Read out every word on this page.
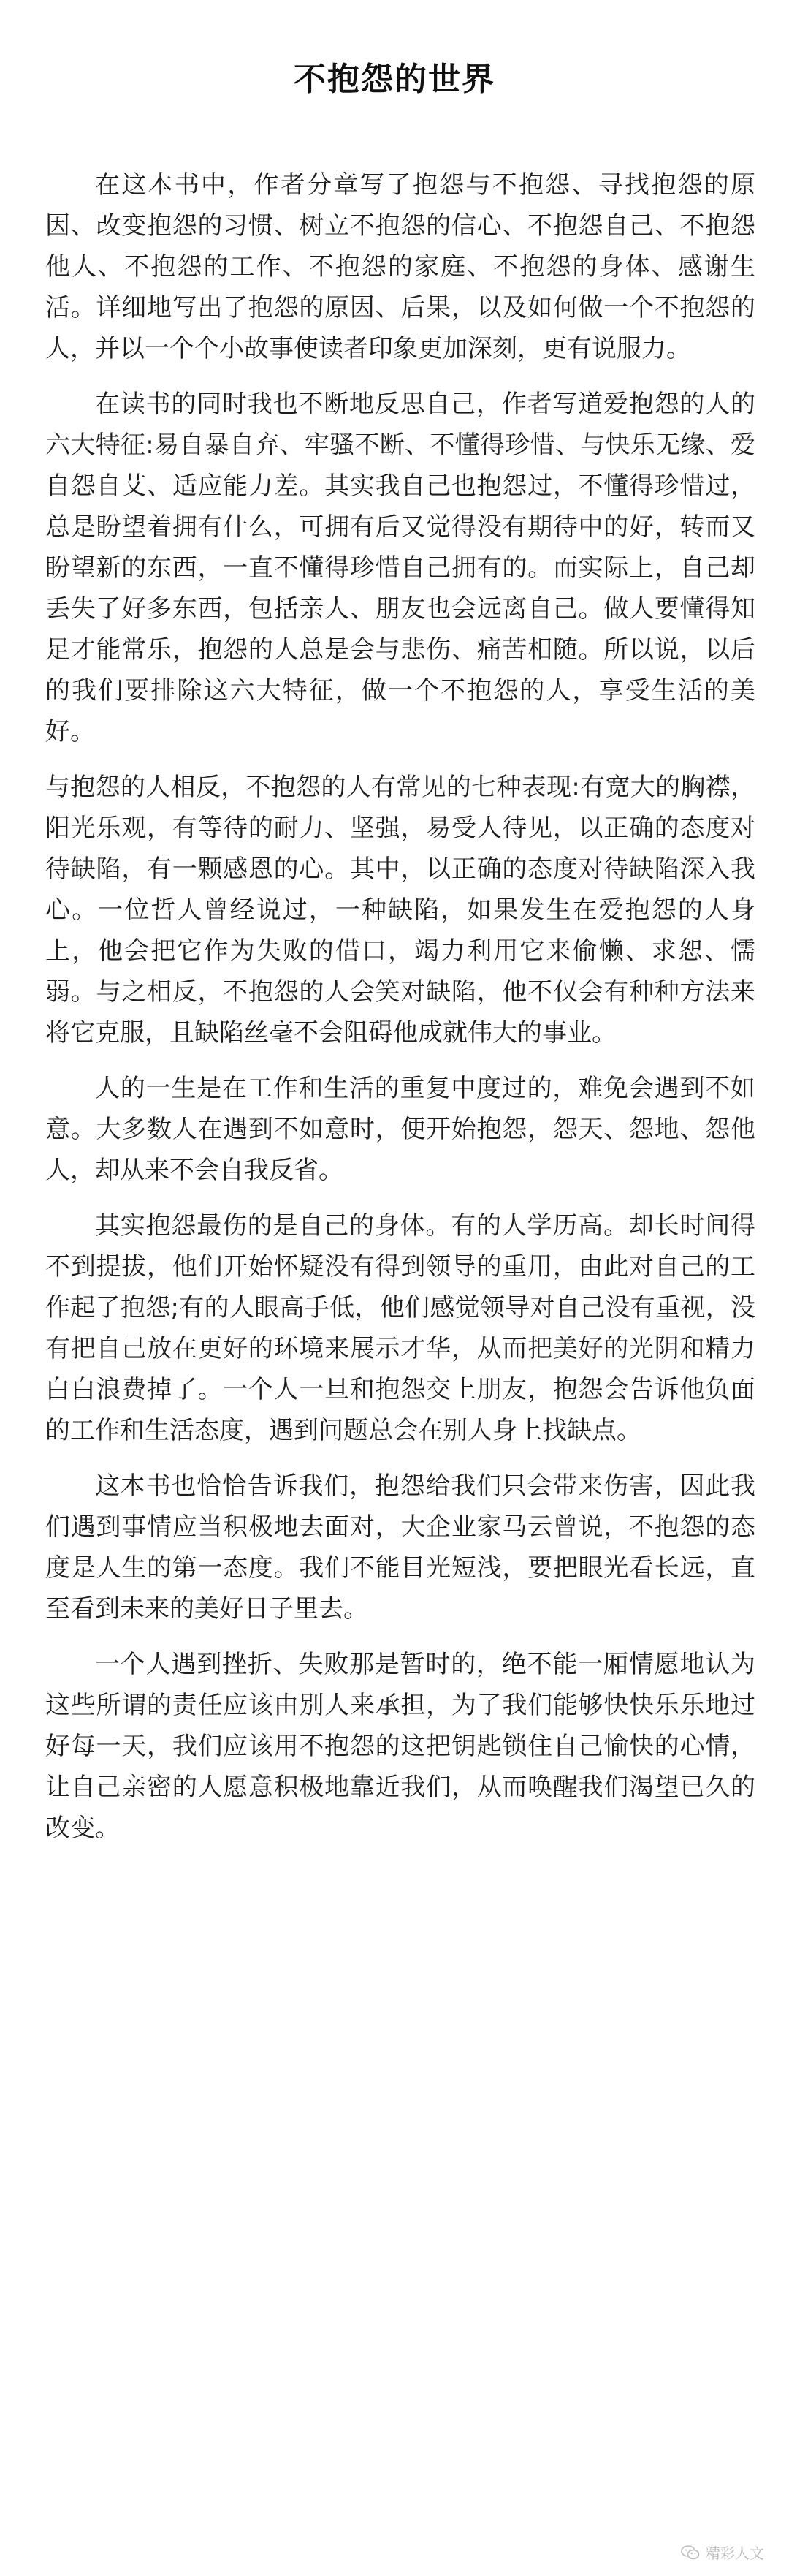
不抱怨的世界

在这本书中，作者分章写了抱怨与不抱怨、寻找抱怨的原因、改变抱怨的习惯、树立不抱怨的信心、不抱怨自己、不抱怨他人、不抱怨的工作、不抱怨的家庭、不抱怨的身体、感谢生活。详细地写出了抱怨的原因、后果，以及如何做一个不抱怨的人，并以一个个小故事使读者印象更加深刻，更有说服力。

在读书的同时我也不断地反思自己，作者写道爱抱怨的人的六大特征:易自暴自弃、牢骚不断、不懂得珍惜、与快乐无缘、爱自怨自艾、适应能力差。其实我自己也抱怨过，不懂得珍惜过，总是盼望着拥有什么，可拥有后又觉得没有期待中的好，转而又盼望新的东西，一直不懂得珍惜自己拥有的。而实际上，自己却丢失了好多东西，包括亲人、朋友也会远离自己。做人要懂得知足才能常乐，抱怨的人总是会与悲伤、痛苦相随。所以说，以后的我们要排除这六大特征，做一个不抱怨的人，享受生活的美好。

与抱怨的人相反，不抱怨的人有常见的七种表现:有宽大的胸襟，阳光乐观，有等待的耐力、坚强，易受人待见，以正确的态度对待缺陷，有一颗感恩的心。其中，以正确的态度对待缺陷深入我心。一位哲人曾经说过，一种缺陷，如果发生在爱抱怨的人身上，他会把它作为失败的借口，竭力利用它来偷懒、求恕、懦弱。与之相反，不抱怨的人会笑对缺陷，他不仅会有种种方法来将它克服，且缺陷丝毫不会阻碍他成就伟大的事业。

人的一生是在工作和生活的重复中度过的，难免会遇到不如意。大多数人在遇到不如意时，便开始抱怨，怨天、怨地、怨他人，却从来不会自我反省。

其实抱怨最伤的是自己的身体。有的人学历高。却长时间得不到提拔，他们开始怀疑没有得到领导的重用，由此对自己的工作起了抱怨;有的人眼高手低，他们感觉领导对自己没有重视，没有把自己放在更好的环境来展示才华，从而把美好的光阴和精力白白浪费掉了。一个人一旦和抱怨交上朋友，抱怨会告诉他负面的工作和生活态度，遇到问题总会在别人身上找缺点。

这本书也恰恰告诉我们，抱怨给我们只会带来伤害，因此我们遇到事情应当积极地去面对，大企业家马云曾说，不抱怨的态度是人生的第一态度。我们不能目光短浅，要把眼光看长远，直至看到未来的美好日子里去。

一个人遇到挫折、失败那是暂时的，绝不能一厢情愿地认为这些所谓的责任应该由别人来承担，为了我们能够快快乐乐地过好每一天，我们应该用不抱怨的这把钥匙锁住自己愉快的心情，让自己亲密的人愿意积极地靠近我们，从而唤醒我们渴望已久的改变。

精彩人文
